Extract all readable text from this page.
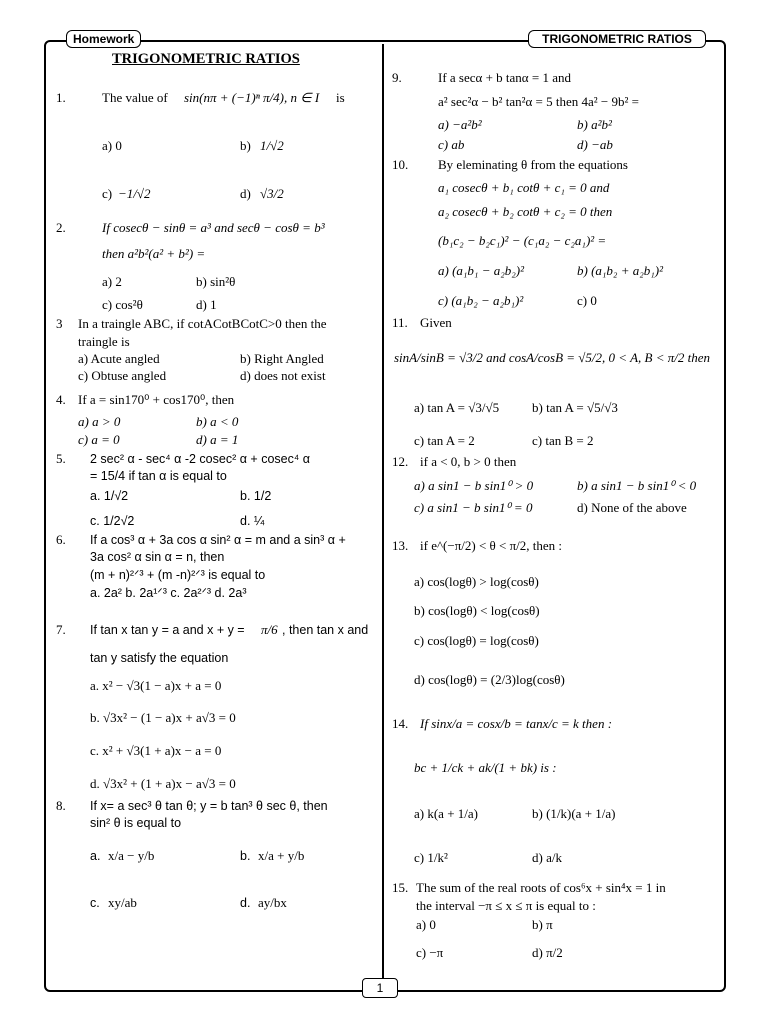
Homework	TRIGONOMETRIC RATIOS
TRIGONOMETRIC RATIOS
1
1.	The value of sin(nπ + (−1)ⁿ π/4), n ∈ I is
a) 0	b) 1/√2
c) −1/√2	d) √3/2
2.	If cosecθ − sinθ = a³ and secθ − cosθ = b³
then a²b²(a² + b²) =
a) 2	b) sin²θ
c) cos²θ	d) 1
3 In a traingle ABC, if cotACotBCotC>0 then the
traingle is
a) Acute angled	b) Right Angled
c) Obtuse angled	d) does not exist
4. If a = sin170⁰ + cos170⁰, then
a) a > 0	b) a < 0
c) a = 0	d) a = 1
5. 2 sec² α - sec⁴ α -2 cosec² α + cosec⁴ α
= 15/4 if tan α is equal to
a. 1/√2	b. 1/2
c. 1/2√2	d. ¼
6. If a cos³ α + 3a cos α sin² α = m and a sin³ α +
3a cos² α sin α = n, then
(m + n)²ᐟ³ + (m -n)²ᐟ³ is equal to
a. 2a² b. 2a¹ᐟ³ c. 2a²ᐟ³ d. 2a³
7. If tan x tan y = a and x + y = π/6 , then tan x and
tan y satisfy the equation
a. x² − √3(1 − a)x + a = 0
b. √3x² − (1 − a)x + a√3 = 0
c. x² + √3(1 + a)x − a = 0
d. √3x² + (1 + a)x − a√3 = 0
8. If x= a sec³ θ tan θ; y = b tan³ θ sec θ, then
sin² θ is equal to
a. x/a − y/b	b. x/a + y/b
c. xy/ab	d. ay/bx
9.	If a secα + b tanα = 1 and
a² sec²α − b² tan²α = 5 then 4a² − 9b² =
a) −a²b²	b) a²b²
c) ab	d) −ab
10. By eleminating θ from the equations
a₁ cosecθ + b₁ cotθ + c₁ = 0 and
a₂ cosecθ + b₂ cotθ + c₂ = 0 then
(b₁c₂ − b₂c₁)² − (c₁a₂ − c₂a₁)² =
a) (a₁b₁ − a₂b₂)²	b) (a₁b₂ + a₂b₁)²
c) (a₁b₂ − a₂b₁)²	c) 0
11. Given
sinA/sinB = √3/2 and cosA/cosB = √5/2, 0 < A, B < π/2 then
a) tan A = √3/√5	b) tan A = √5/√3
c) tan A = 2	c) tan B = 2
12. if a < 0, b > 0 then
a) a sin1 − b sin1⁰ > 0	b) a sin1 − b sin1⁰ < 0
c) a sin1 − b sin1⁰ = 0	d) None of the above
13. if e^(−π/2) < θ < π/2, then :
a) cos(logθ) > log(cosθ)
b) cos(logθ) < log(cosθ)
c) cos(logθ) = log(cosθ)
d) cos(logθ) = (2/3)log(cosθ)
14. If sinx/a = cosx/b = tanx/c = k then :
bc + 1/ck + ak/(1 + bk) is :
a) k(a + 1/a)	b) (1/k)(a + 1/a)
c) 1/k²	d) a/k
15. The sum of the real roots of cos⁶x + sin⁴x = 1 in
the interval −π ≤ x ≤ π is equal to :
a) 0	b) π
c) −π	d) π/2
